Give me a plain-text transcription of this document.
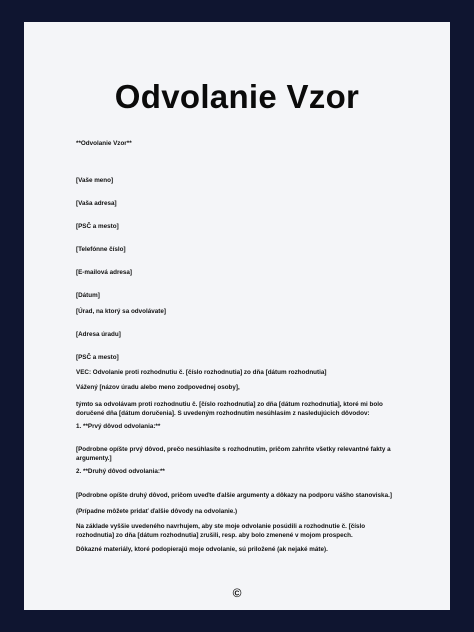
Odvolanie Vzor
**Odvolanie Vzor**
[Vaše meno]
[Vaša adresa]
[PSČ a mesto]
[Telefónne číslo]
[E-mailová adresa]
[Dátum]
[Úrad, na ktorý sa odvolávate]
[Adresa úradu]
[PSČ a mesto]
VEC: Odvolanie proti rozhodnutiu č. [číslo rozhodnutia] zo dňa [dátum rozhodnutia]
Vážený [názov úradu alebo meno zodpovednej osoby],
týmto sa odvolávam proti rozhodnutiu č. [číslo rozhodnutia] zo dňa [dátum rozhodnutia], ktoré mi bolo doručené dňa [dátum doručenia]. S uvedeným rozhodnutím nesúhlasím z nasledujúcich dôvodov:
1. **Prvý dôvod odvolania:**
[Podrobne opíšte prvý dôvod, prečo nesúhlasíte s rozhodnutím, pričom zahrňte všetky relevantné fakty a argumenty.]
2. **Druhý dôvod odvolania:**
[Podrobne opíšte druhý dôvod, pričom uveďte ďalšie argumenty a dôkazy na podporu vášho stanoviska.]
(Prípadne môžete pridať ďalšie dôvody na odvolanie.)
Na základe vyššie uvedeného navrhujem, aby ste moje odvolanie posúdili a rozhodnutie č. [číslo rozhodnutia] zo dňa [dátum rozhodnutia] zrušili, resp. aby bolo zmenené v mojom prospech.
Dôkazné materiály, ktoré podopierajú moje odvolanie, sú priložené (ak nejaké máte).
©
